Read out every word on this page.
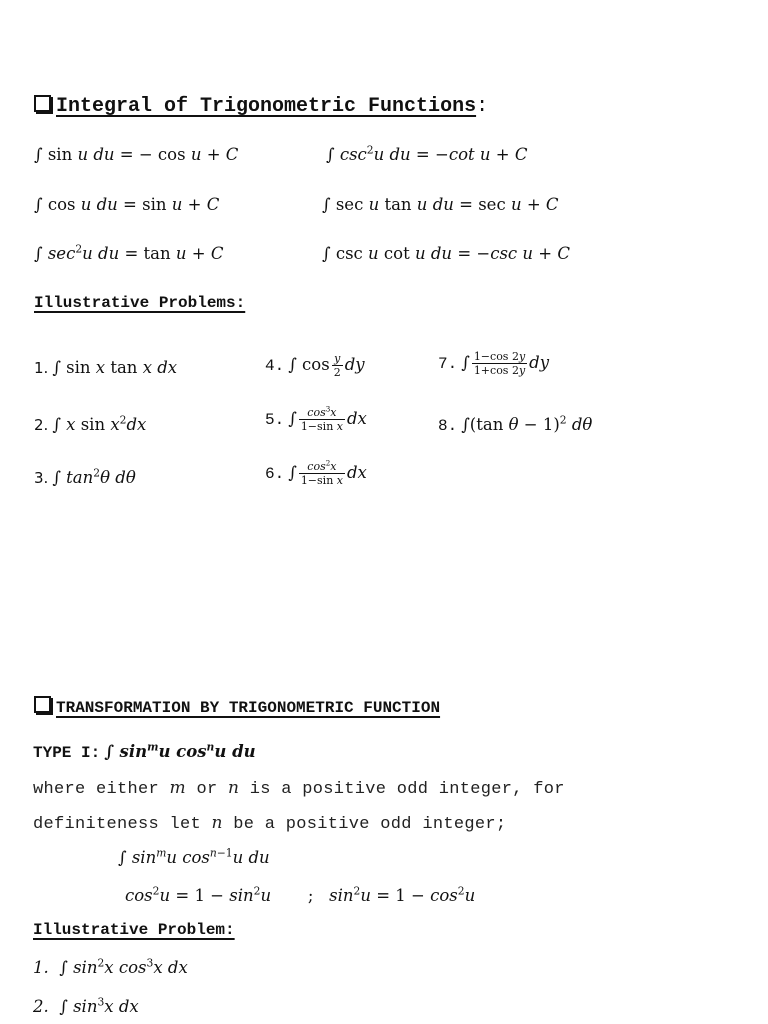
Integral of Trigonometric Functions:
∫ sin u du = − cos u + C	∫ $\csc^2u$ du = −cot u + C
∫ cos u du = sin u + C	∫ sec u tan u du = sec u + C
∫ $\sec^2u$ du = tan u + C	∫ csc u cot u du = −csc u + C
Illustrative Problems:
1. ∫ sin x tan x dx	4. ∫ $\cos \frac{y}{2}$ dy	7. ∫ $\frac{1-\cos 2y}{1+\cos 2y}$ dy
2. ∫ x $\sin x^2dx$	5. ∫ $\frac{\cos^3x}{\text{1−sin x}}$ dx	8. ∫(tan θ − 1)$^2$ dθ
3. ∫ $\tan^2\theta$ dθ	6. ∫ $\frac{\cos^2x}{\text{1−sin x}}$ dx
TRANSFORMATION BY TRIGONOMETRIC FUNCTION
TYPE I: ∫ $\sin^mu$ $\cos^nu$ du
where either m or n is a positive odd integer, for
definiteness let n be a positive odd integer;
∫ $\sin^mu$ $\cos^{n-1}u$ du
$\cos^2u = 1 - \sin^2u$       ;   $\sin^2u = 1 - \cos^2u$
Illustrative Problem:
1.  ∫ $\sin^2x$ $\cos^3x$ dx
2.  ∫ $\sin^3x$ dx
